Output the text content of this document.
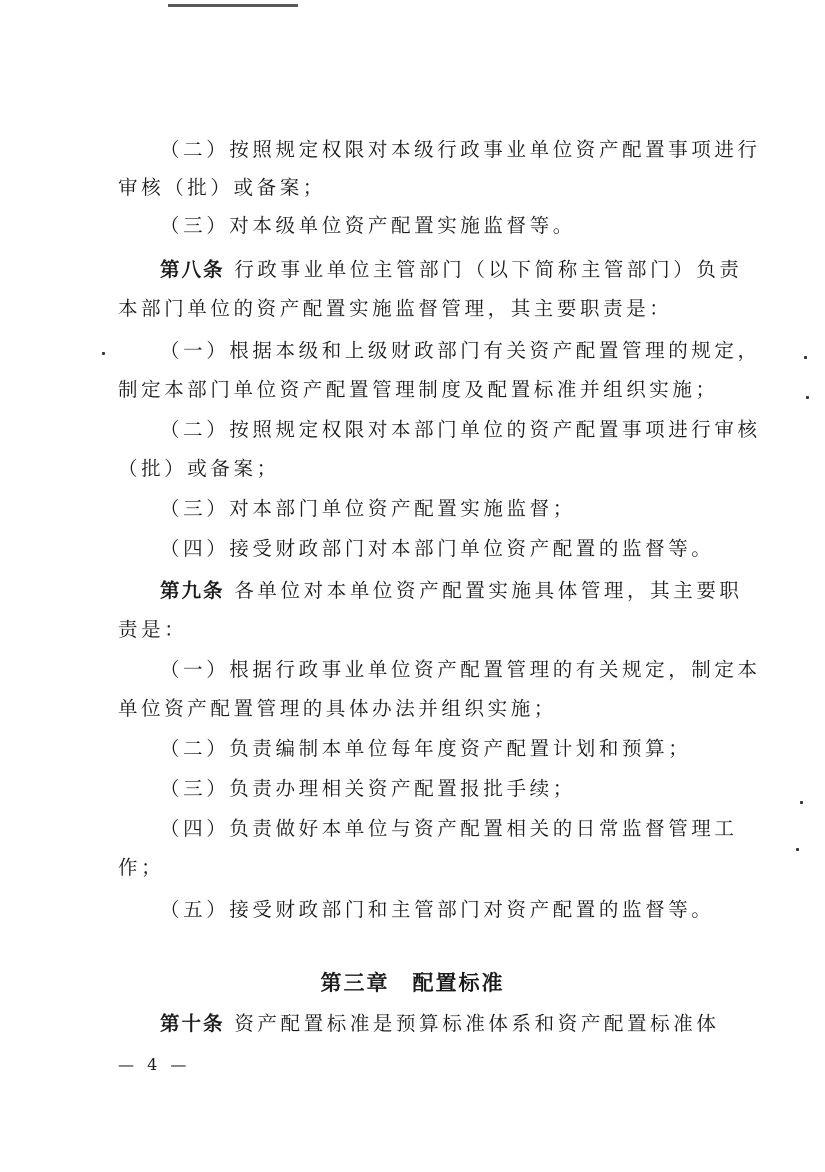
（二）按照规定权限对本级行政事业单位资产配置事项进行
审核（批）或备案；
（三）对本级单位资产配置实施监督等。
第八条 行政事业单位主管部门（以下简称主管部门）负责
本部门单位的资产配置实施监督管理，其主要职责是：
（一）根据本级和上级财政部门有关资产配置管理的规定，
制定本部门单位资产配置管理制度及配置标准并组织实施；
（二）按照规定权限对本部门单位的资产配置事项进行审核
（批）或备案；
（三）对本部门单位资产配置实施监督；
（四）接受财政部门对本部门单位资产配置的监督等。
第九条 各单位对本单位资产配置实施具体管理，其主要职
责是：
（一）根据行政事业单位资产配置管理的有关规定，制定本
单位资产配置管理的具体办法并组织实施；
（二）负责编制本单位每年度资产配置计划和预算；
（三）负责办理相关资产配置报批手续；
（四）负责做好本单位与资产配置相关的日常监督管理工
作；
（五）接受财政部门和主管部门对资产配置的监督等。
第三章　配置标准
第十条 资产配置标准是预算标准体系和资产配置标准体
— 4 —
